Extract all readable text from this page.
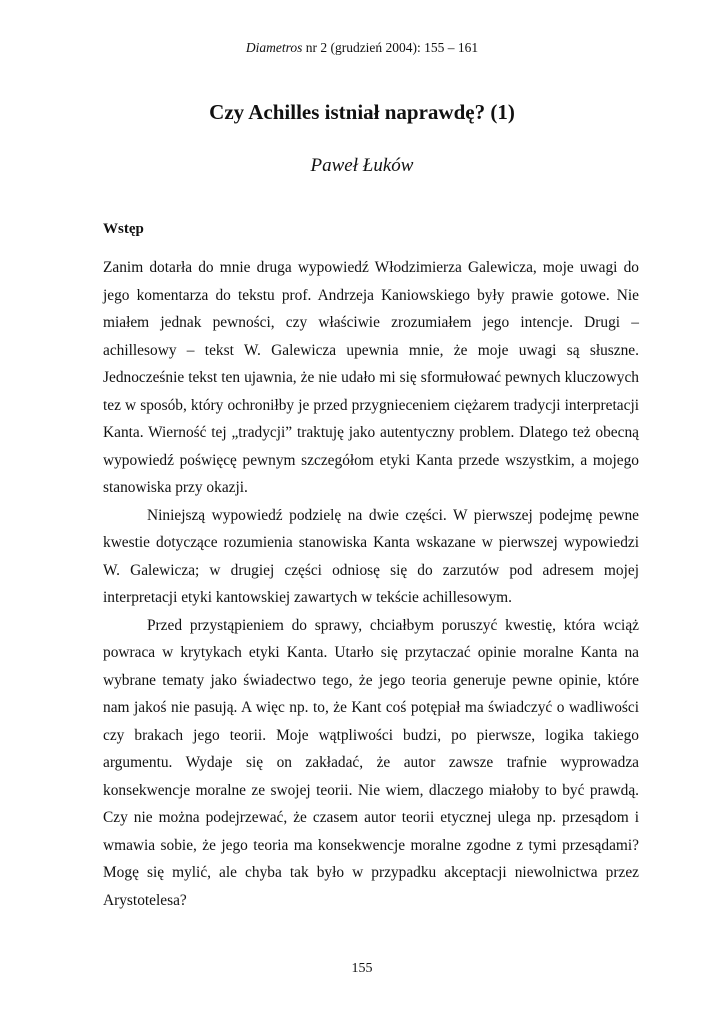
Diametros nr 2 (grudzień 2004): 155 – 161
Czy Achilles istniał naprawdę? (1)
Paweł Łuków
Wstęp

Zanim dotarła do mnie druga wypowiedź Włodzimierza Galewicza, moje uwagi do jego komentarza do tekstu prof. Andrzeja Kaniowskiego były prawie gotowe. Nie miałem jednak pewności, czy właściwie zrozumiałem jego intencje. Drugi – achillesowy – tekst W. Galewicza upewnia mnie, że moje uwagi są słuszne. Jednocześnie tekst ten ujawnia, że nie udało mi się sformułować pewnych kluczowych tez w sposób, który ochroniłby je przed przygnieceniem ciężarem tradycji interpretacji Kanta. Wierność tej „tradycji” traktuję jako autentyczny problem. Dlatego też obecną wypowiedź poświęcę pewnym szczegółom etyki Kanta przede wszystkim, a mojego stanowiska przy okazji.

Niniejszą wypowiedź podzielę na dwie części. W pierwszej podejmę pewne kwestie dotyczące rozumienia stanowiska Kanta wskazane w pierwszej wypowiedzi W. Galewicza; w drugiej części odniosę się do zarzutów pod adresem mojej interpretacji etyki kantowskiej zawartych w tekście achillesowym.

Przed przystąpieniem do sprawy, chciałbym poruszyć kwestię, która wciąż powraca w krytykach etyki Kanta. Utarło się przytaczać opinie moralne Kanta na wybrane tematy jako świadectwo tego, że jego teoria generuje pewne opinie, które nam jakoś nie pasują. A więc np. to, że Kant coś potępiał ma świadczyć o wadliwości czy brakach jego teorii. Moje wątpliwości budzi, po pierwsze, logika takiego argumentu. Wydaje się on zakładać, że autor zawsze trafnie wyprowadza konsekwencje moralne ze swojej teorii. Nie wiem, dlaczego miałoby to być prawdą. Czy nie można podejrzewać, że czasem autor teorii etycznej ulega np. przesądom i wmawia sobie, że jego teoria ma konsekwencje moralne zgodne z tymi przesądami? Mogę się mylić, ale chyba tak było w przypadku akceptacji niewolnictwa przez Arystotelesa?

155
